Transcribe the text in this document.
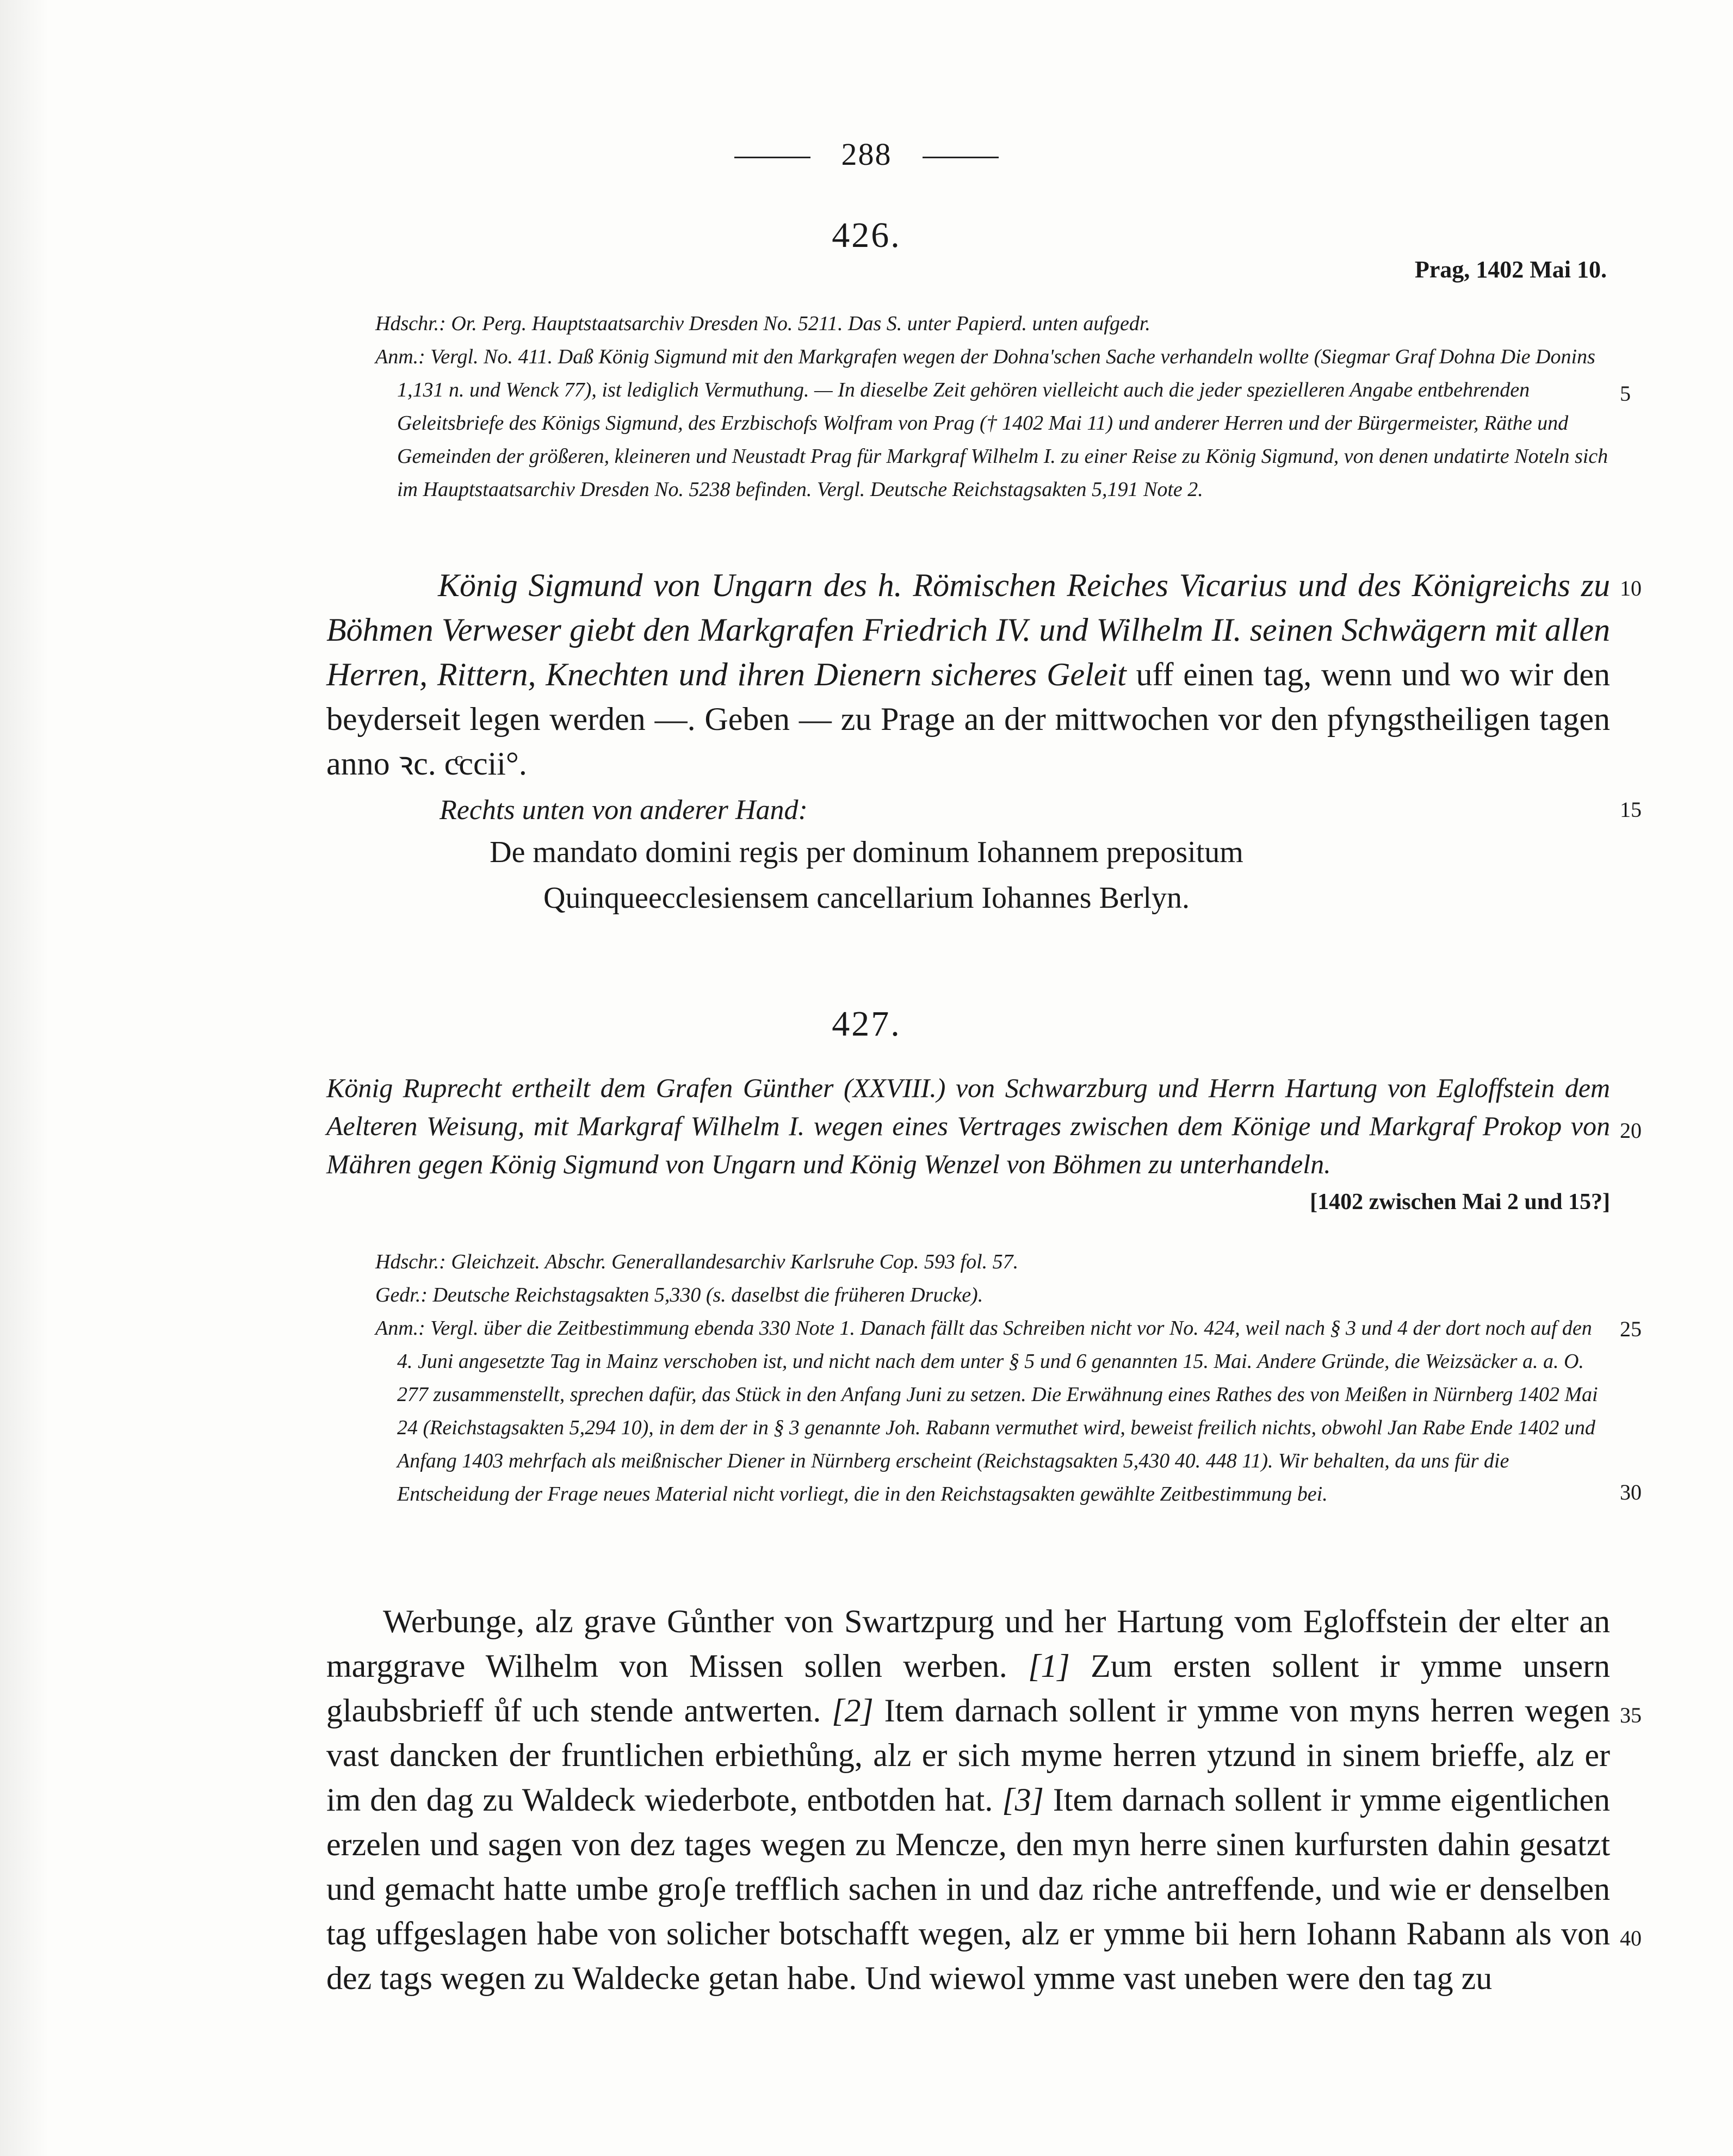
288
426.
Prag, 1402 Mai 10.

Hdschr.: Or. Perg. Hauptstaatsarchiv Dresden No. 5211. Das S. unter Papierd. unten aufgedr.

Anm.: Vergl. No. 411. Daß König Sigmund mit den Markgrafen wegen der Dohna'schen Sache verhandeln wollte (Siegmar Graf Dohna Die Donins 1,131 n. und Wenck 77), ist lediglich Vermuthung. — In dieselbe Zeit gehören vielleicht auch die jeder spezielleren Angabe entbehrenden Geleitsbriefe des Königs Sigmund, des Erzbischofs Wolfram von Prag († 1402 Mai 11) und anderer Herren und der Bürgermeister, Räthe und Gemeinden der größeren, kleineren und Neustadt Prag für Markgraf Wilhelm I. zu einer Reise zu König Sigmund, von denen undatirte Noteln sich im Hauptstaatsarchiv Dresden No. 5238 befinden. Vergl. Deutsche Reichstagsakten 5,191 Note 2.

König Sigmund von Ungarn des h. Römischen Reiches Vicarius und des Königreichs zu Böhmen Verweser giebt den Markgrafen Friedrich IV. und Wilhelm II. seinen Schwägern mit allen Herren, Rittern, Knechten und ihren Dienern sicheres Geleit uff einen tag, wenn und wo wir den beyderseit legen werden —. Geben — zu Prage an der mittwochen vor den pfyngstheiligen tagen anno ꝛc. cͨccii°.
Rechts unten von anderer Hand:
De mandato domini regis per dominum Iohannem prepositum
Quinqueecclesiensem cancellarium Iohannes Berlyn.
427.
König Ruprecht ertheilt dem Grafen Günther (XXVIII.) von Schwarzburg und Herrn Hartung von Egloffstein dem Aelteren Weisung, mit Markgraf Wilhelm I. wegen eines Vertrages zwischen dem Könige und Markgraf Prokop von Mähren gegen König Sigmund von Ungarn und König Wenzel von Böhmen zu unterhandeln.
[1402 zwischen Mai 2 und 15?]

Hdschr.: Gleichzeit. Abschr. Generallandesarchiv Karlsruhe Cop. 593 fol. 57.

Gedr.: Deutsche Reichstagsakten 5,330 (s. daselbst die früheren Drucke).

Anm.: Vergl. über die Zeitbestimmung ebenda 330 Note 1. Danach fällt das Schreiben nicht vor No. 424, weil nach § 3 und 4 der dort noch auf den 4. Juni angesetzte Tag in Mainz verschoben ist, und nicht nach dem unter § 5 und 6 genannten 15. Mai. Andere Gründe, die Weizsäcker a. a. O. 277 zusammenstellt, sprechen dafür, das Stück in den Anfang Juni zu setzen. Die Erwähnung eines Rathes des von Meißen in Nürnberg 1402 Mai 24 (Reichstagsakten 5,294 10), in dem der in § 3 genannte Joh. Rabann vermuthet wird, beweist freilich nichts, obwohl Jan Rabe Ende 1402 und Anfang 1403 mehrfach als meißnischer Diener in Nürnberg erscheint (Reichstagsakten 5,430 40. 448 11). Wir behalten, da uns für die Entscheidung der Frage neues Material nicht vorliegt, die in den Reichstagsakten gewählte Zeitbestimmung bei.

Werbunge, alz grave Gůnther von Swartzpurg und her Hartung vom Egloffstein der elter an marggrave Wilhelm von Missen sollen werben. [1] Zum ersten sollent ir ymme unsern glaubsbrieff ůf uch stende antwerten. [2] Item darnach sollent ir ymme von myns herren wegen vast dancken der fruntlichen erbiethůng, alz er sich myme herren ytzund in sinem brieffe, alz er im den dag zu Waldeck wiederbote, entbotden hat. [3] Item darnach sollent ir ymme eigentlichen erzelen und sagen von dez tages wegen zu Mencze, den myn herre sinen kurfursten dahin gesatzt und gemacht hatte umbe groʃe trefflich sachen in und daz riche antreffende, und wie er denselben tag uffgeslagen habe von solicher botschafft wegen, alz er ymme bii hern Iohann Rabann als von dez tags wegen zu Waldecke getan habe. Und wiewol ymme vast uneben were den tag zu

5
10
15
20
25
30
35
40
